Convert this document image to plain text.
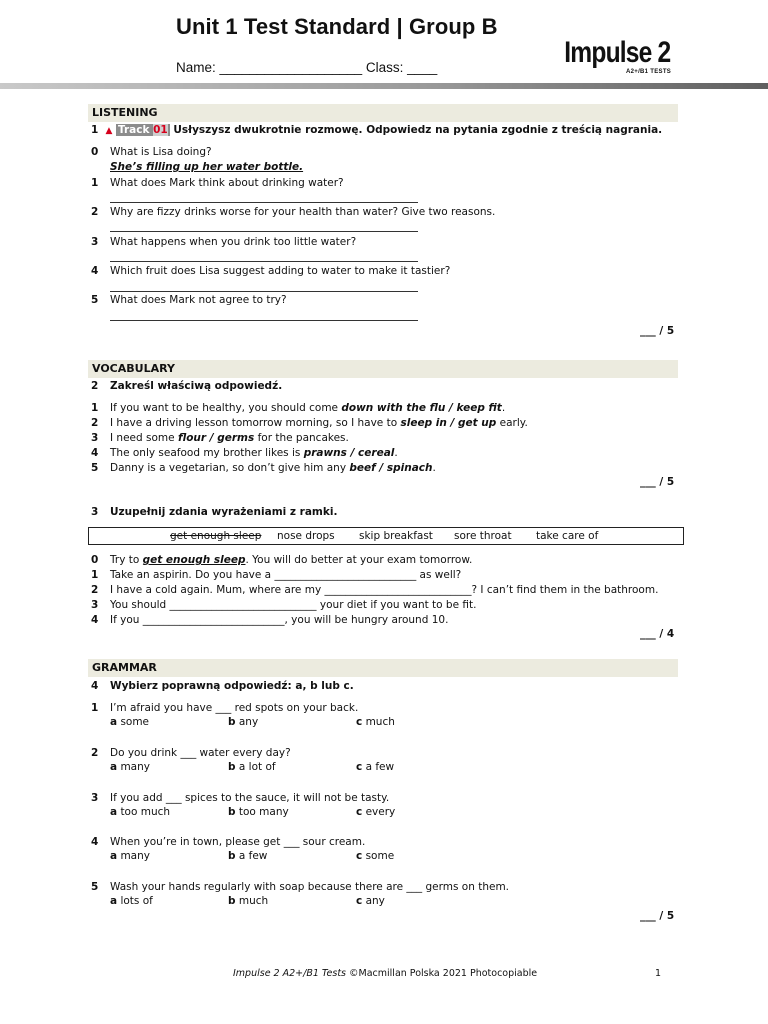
Unit 1 Test Standard | Group B
Name: ___________________ Class: ____	Impulse 2
A2+/B1 TESTS
LISTENING
1 ▲ Track 01 Usłyszysz dwukrotnie rozmowę. Odpowiedz na pytania zgodnie z treścią nagrania.
0 What is Lisa doing?
She’s filling up her water bottle.
1 What does Mark think about drinking water?
2 Why are fizzy drinks worse for your health than water? Give two reasons.
3 What happens when you drink too little water?
4 Which fruit does Lisa suggest adding to water to make it tastier?
5 What does Mark not agree to try?
___ / 5
VOCABULARY
2 Zakreśl właściwą odpowiedź.
1 If you want to be healthy, you should come down with the flu / keep fit.
2 I have a driving lesson tomorrow morning, so I have to sleep in / get up early.
3 I need some flour / germs for the pancakes.
4 The only seafood my brother likes is prawns / cereal.
5 Danny is a vegetarian, so don’t give him any beef / spinach.
___ / 5
3 Uzupełnij zdania wyrażeniami z ramki.
get enough sleep nose drops skip breakfast sore throat take care of
0 Try to get enough sleep. You will do better at your exam tomorrow.
1 Take an aspirin. Do you have a ___________________________ as well?
2 I have a cold again. Mum, where are my ____________________________? I can’t find them in the bathroom.
3 You should ____________________________ your diet if you want to be fit.
4 If you ___________________________, you will be hungry around 10.
___ / 4
GRAMMAR
4 Wybierz poprawną odpowiedź: a, b lub c.
1 I’m afraid you have ___ red spots on your back.
a some	b any	c much
2 Do you drink ___ water every day?
a many	b a lot of	c a few
3 If you add ___ spices to the sauce, it will not be tasty.
a too much	b too many	c every
4 When you’re in town, please get ___ sour cream.
a many	b a few	c some
5 Wash your hands regularly with soap because there are ___ germs on them.
a lots of	b much	c any
___ / 5
Impulse 2 A2+/B1 Tests ©Macmillan Polska 2021 Photocopiable	1
